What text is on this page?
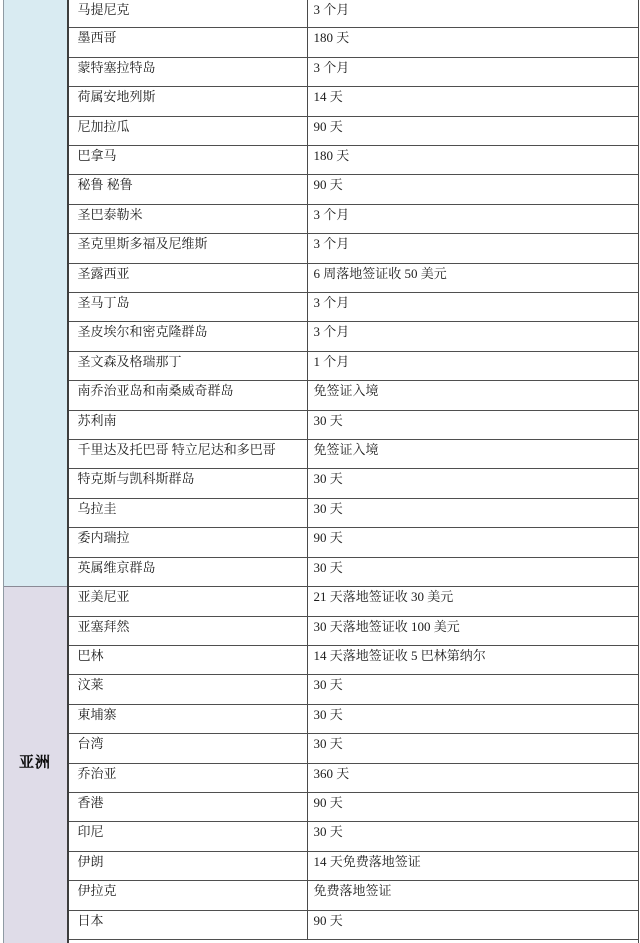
亚洲
马提尼克	3 个月
墨西哥	180 天
蒙特塞拉特岛	3 个月
荷属安地列斯	14 天
尼加拉瓜	90 天
巴拿马	180 天
秘鲁 秘鲁	90 天
圣巴泰勒米	3 个月
圣克里斯多福及尼维斯	3 个月
圣露西亚	6 周落地签证收 50 美元
圣马丁岛	3 个月
圣皮埃尔和密克隆群岛	3 个月
圣文森及格瑞那丁	1 个月
南乔治亚岛和南桑威奇群岛	免签证入境
苏利南	30 天
千里达及托巴哥 特立尼达和多巴哥	免签证入境
特克斯与凯科斯群岛	30 天
乌拉圭	30 天
委内瑞拉	90 天
英属维京群岛	30 天
亚美尼亚	21 天落地签证收 30 美元
亚塞拜然	30 天落地签证收 100 美元
巴林	14 天落地签证收 5 巴林第纳尔
汶莱	30 天
東埔寨	30 天
台湾	30 天
乔治亚	360 天
香港	90 天
印尼	30 天
伊朗	14 天免费落地签证
伊拉克	免费落地签证
日本	90 天
